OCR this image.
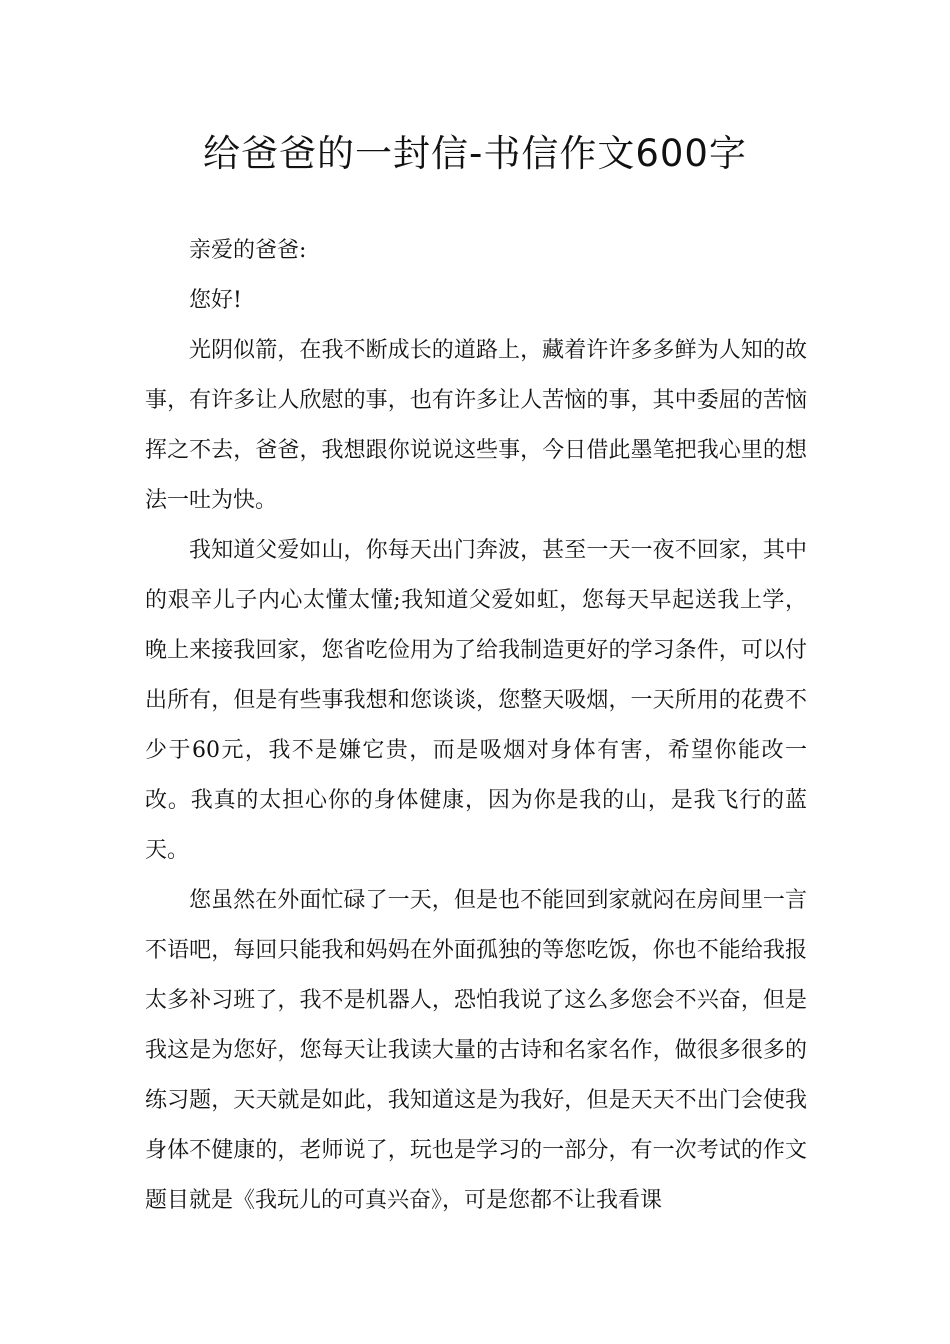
给爸爸的一封信-书信作文600字

亲爱的爸爸:

您好!

光阴似箭，在我不断成长的道路上，藏着许许多多鲜为人知的故事，有许多让人欣慰的事，也有许多让人苦恼的事，其中委屈的苦恼挥之不去，爸爸，我想跟你说说这些事，今日借此墨笔把我心里的想法一吐为快。

我知道父爱如山，你每天出门奔波，甚至一天一夜不回家，其中的艰辛儿子内心太懂太懂;我知道父爱如虹，您每天早起送我上学，晚上来接我回家，您省吃俭用为了给我制造更好的学习条件，可以付出所有，但是有些事我想和您谈谈，您整天吸烟，一天所用的花费不少于60元，我不是嫌它贵，而是吸烟对身体有害，希望你能改一改。我真的太担心你的身体健康，因为你是我的山，是我飞行的蓝天。

您虽然在外面忙碌了一天，但是也不能回到家就闷在房间里一言不语吧，每回只能我和妈妈在外面孤独的等您吃饭，你也不能给我报太多补习班了，我不是机器人，恐怕我说了这么多您会不兴奋，但是我这是为您好，您每天让我读大量的古诗和名家名作，做很多很多的练习题，天天就是如此，我知道这是为我好，但是天天不出门会使我身体不健康的，老师说了，玩也是学习的一部分，有一次考试的作文题目就是《我玩儿的可真兴奋》，可是您都不让我看课
